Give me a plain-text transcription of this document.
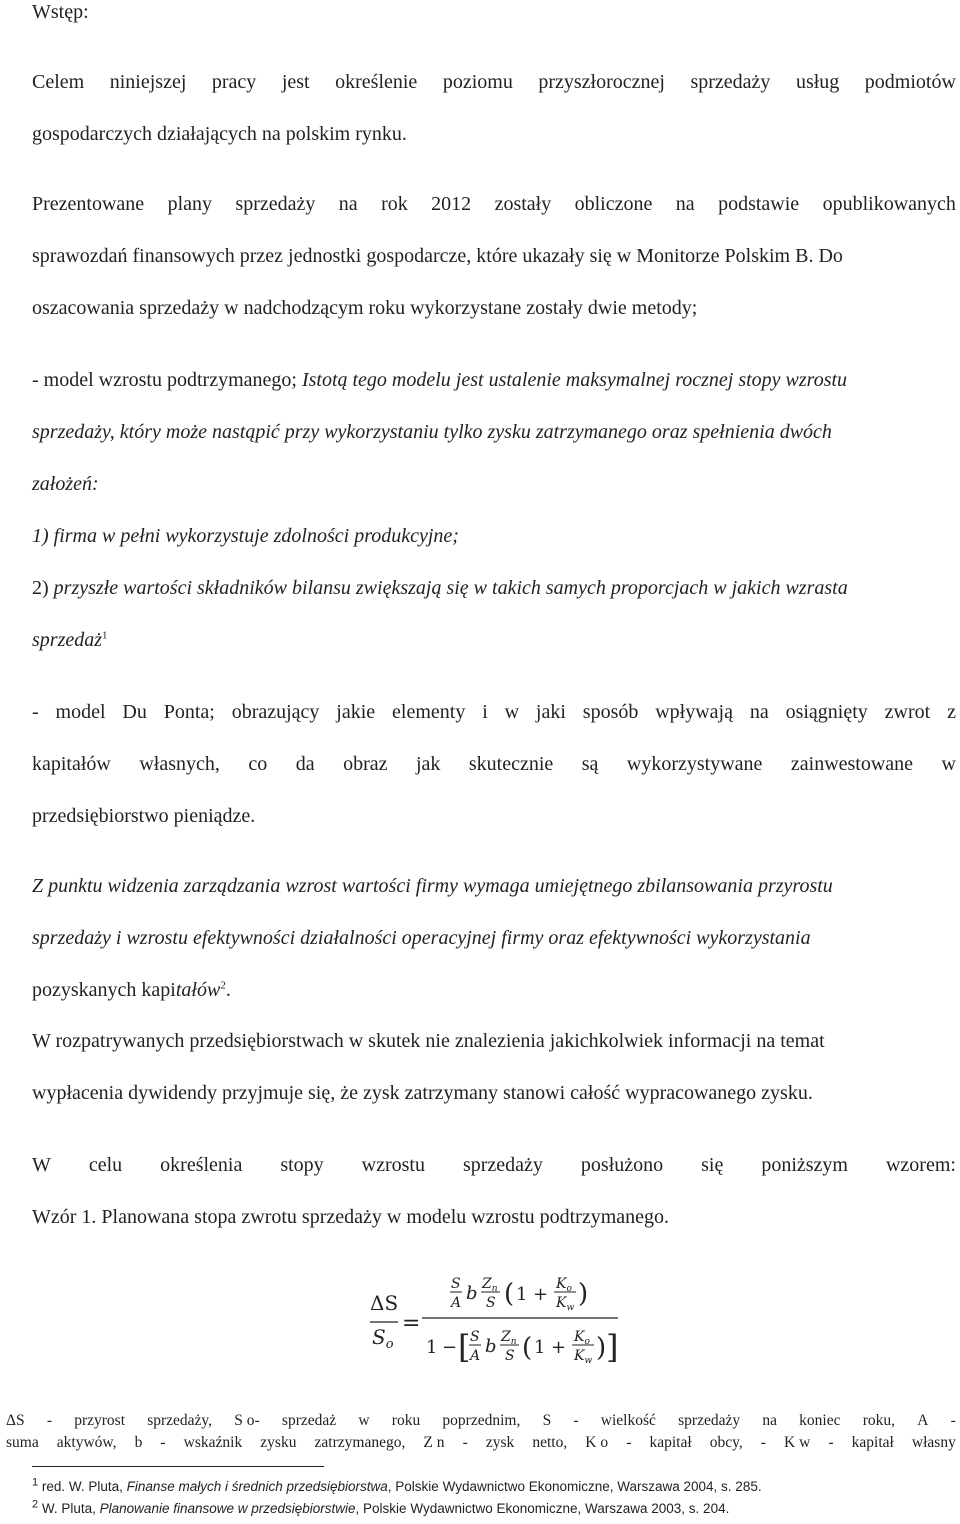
Wstęp:
Celem niniejszej pracy jest określenie poziomu przyszłorocznej sprzedaży usług podmiotów
gospodarczych działających na polskim rynku.
Prezentowane plany sprzedaży na rok 2012 zostały obliczone na podstawie opublikowanych
sprawozdań finansowych przez jednostki gospodarcze, które ukazały się w Monitorze Polskim B. Do
oszacowania sprzedaży w nadchodzącym roku wykorzystane zostały dwie metody;
- model wzrostu podtrzymanego; Istotą tego modelu jest ustalenie maksymalnej rocznej stopy wzrostu
sprzedaży, który może nastąpić przy wykorzystaniu tylko zysku zatrzymanego oraz spełnienia dwóch
założeń:
1) firma w pełni wykorzystuje zdolności produkcyjne;
2) przyszłe wartości składników bilansu zwiększają się w takich samych proporcjach w jakich wzrasta
sprzedaż$^1$
- model Du Ponta; obrazujący jakie elementy i w jaki sposób wpływają na osiągnięty zwrot z
kapitałów własnych, co da obraz jak skutecznie są wykorzystywane zainwestowane w
przedsiębiorstwo pieniądze.
Z punktu widzenia zarządzania wzrost wartości firmy wymaga umiejętnego zbilansowania przyrostu
sprzedaży i wzrostu efektywności działalności operacyjnej firmy oraz efektywności wykorzystania
pozyskanych kapitałów$^2$.
W rozpatrywanych przedsiębiorstwach w skutek nie znalezienia jakichkolwiek informacji na temat
wypłacenia dywidendy przyjmuje się, że zysk zatrzymany stanowi całość wypracowanego zysku.
W celu określenia stopy wzrostu sprzedaży posłużono się poniższym wzorem:
Wzór 1. Planowana stopa zwrotu sprzedaży w modelu wzrostu podtrzymanego.
ΔS
$S_o$
=
S
A b $Z_n$
S ( $1 + K_o$
$K_w$ )
1 − [ S
A b $Z_n$
S ( $1 + K_o$
$K_w$ ) ]
ΔS - przyrost sprzedaży, S o- sprzedaż w roku poprzednim, S - wielkość sprzedaży na koniec roku, A -
suma aktywów, b - wskaźnik zysku zatrzymanego, Z n - zysk netto, K o - kapitał obcy, - K w - kapitał własny
$^1$ red. W. Pluta, Finanse małych i średnich przedsiębiorstwa, Polskie Wydawnictwo Ekonomiczne, Warszawa 2004, s. 285.
$^2$ W. Pluta, Planowanie finansowe w przedsiębiorstwie, Polskie Wydawnictwo Ekonomiczne, Warszawa 2003, s. 204.
